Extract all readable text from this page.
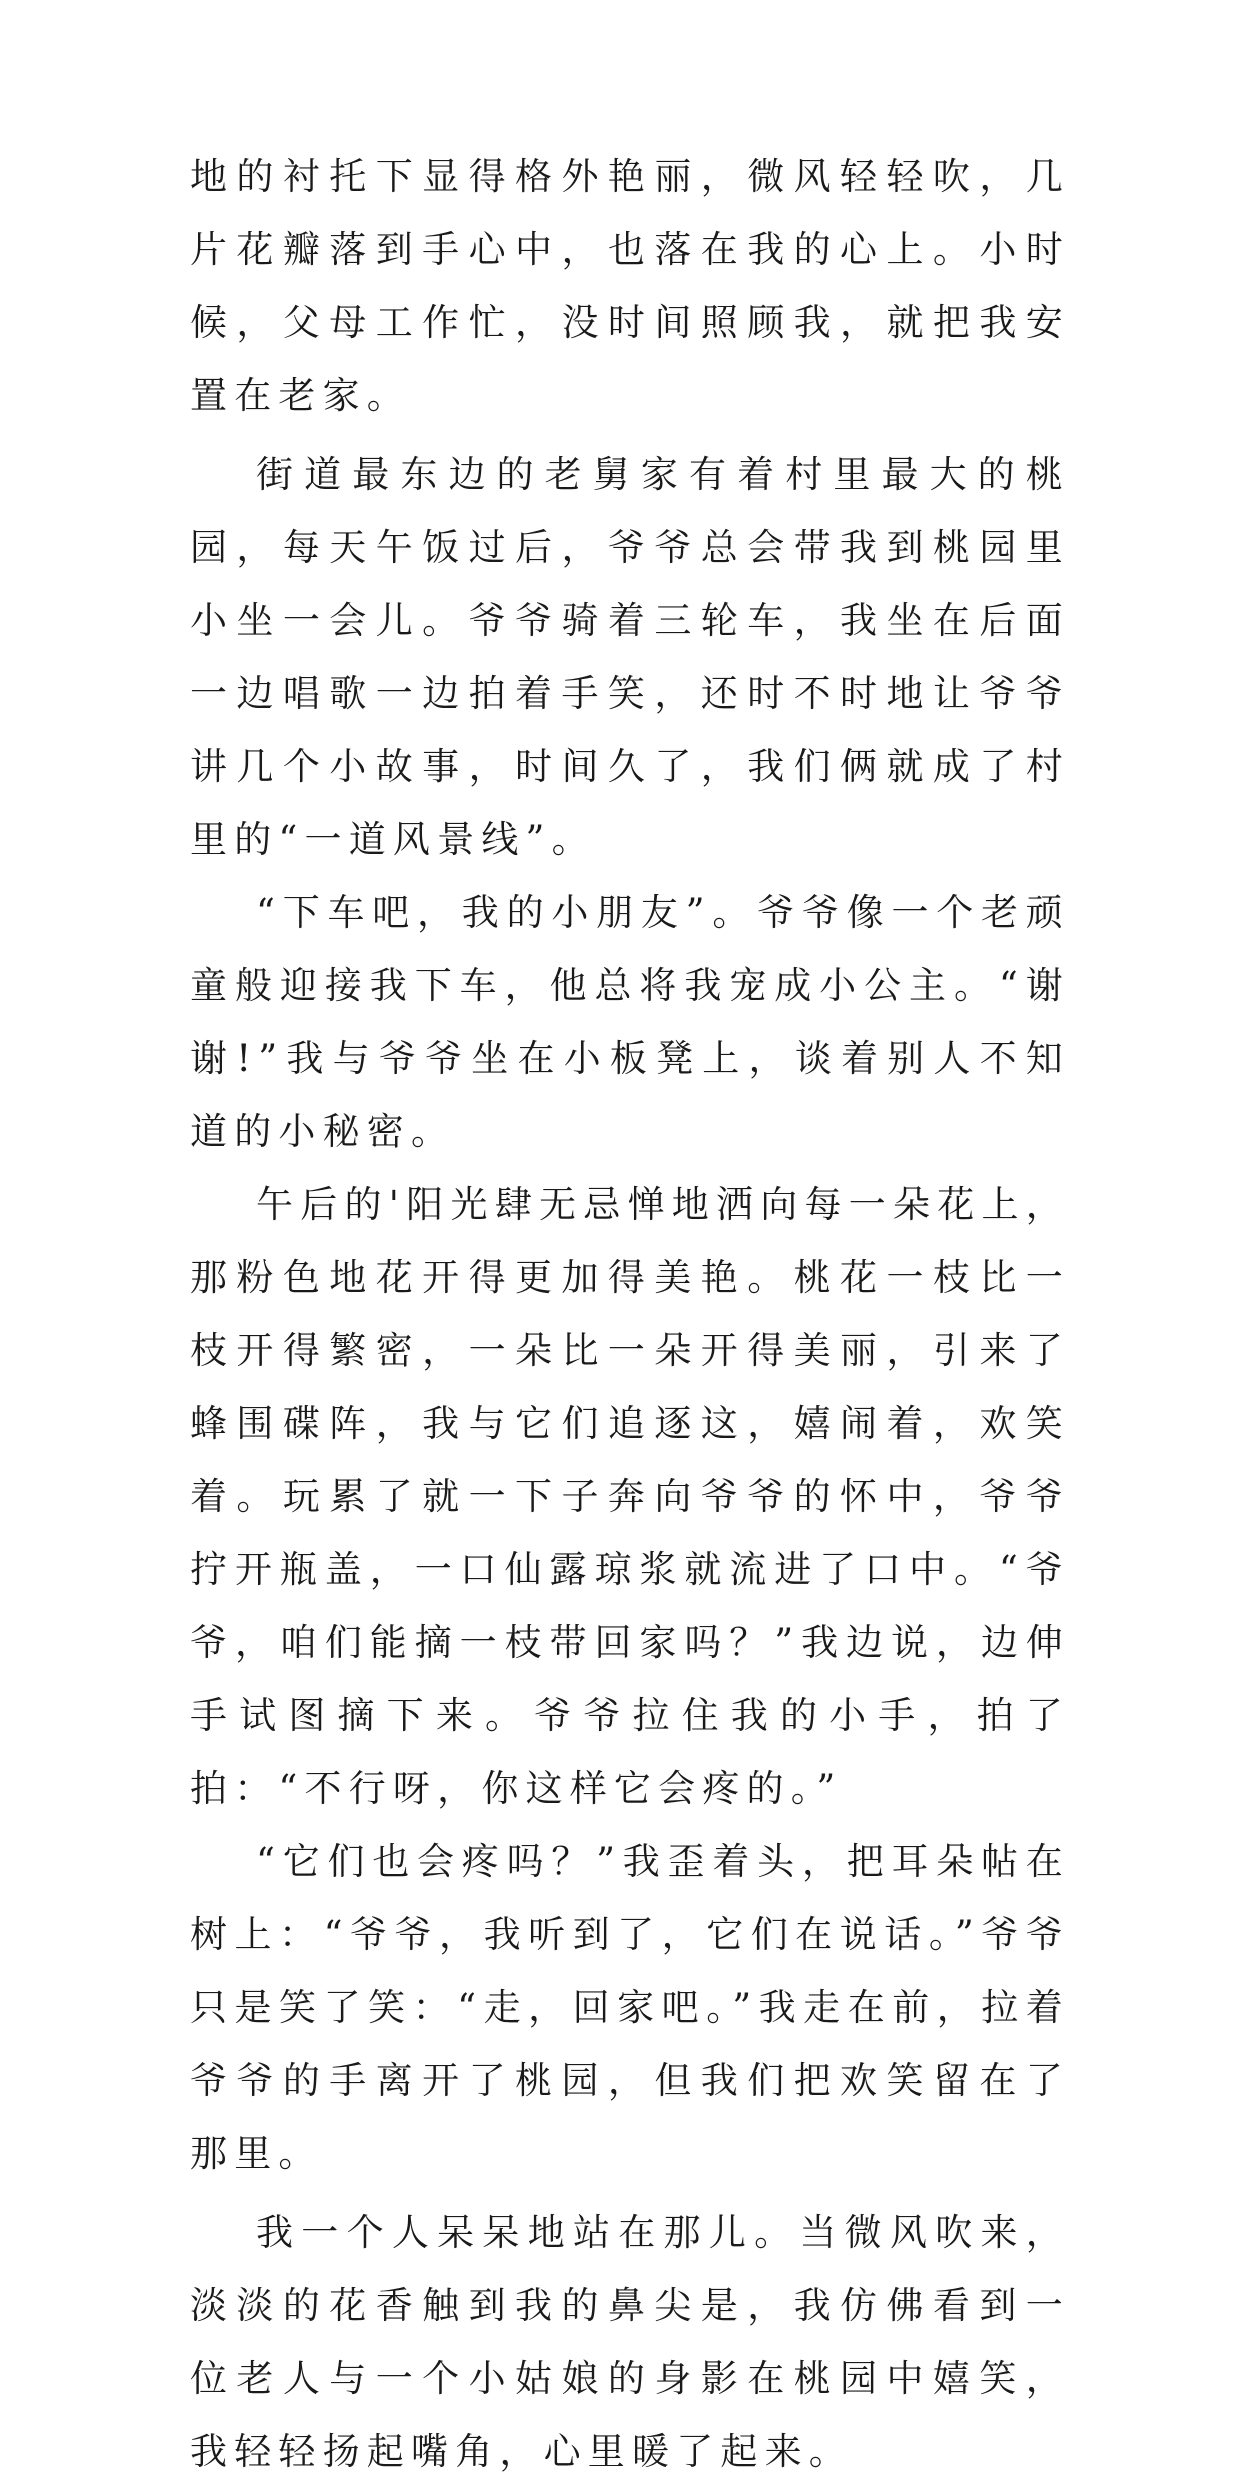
地的衬托下显得格外艳丽，微风轻轻吹，几片花瓣落到手心中，也落在我的心上。小时候，父母工作忙，没时间照顾我，就把我安置在老家。

街道最东边的老舅家有着村里最大的桃园，每天午饭过后，爷爷总会带我到桃园里小坐一会儿。爷爷骑着三轮车，我坐在后面一边唱歌一边拍着手笑，还时不时地让爷爷讲几个小故事，时间久了，我们俩就成了村里的“一道风景线”。

“下车吧，我的小朋友”。爷爷像一个老顽童般迎接我下车，他总将我宠成小公主。“谢谢!”我与爷爷坐在小板凳上，谈着别人不知道的小秘密。

午后的'阳光肆无忌惮地洒向每一朵花上，那粉色地花开得更加得美艳。桃花一枝比一枝开得繁密，一朵比一朵开得美丽，引来了蜂围碟阵，我与它们追逐这，嬉闹着，欢笑着。玩累了就一下子奔向爷爷的怀中，爷爷拧开瓶盖，一口仙露琼浆就流进了口中。“爷爷，咱们能摘一枝带回家吗？”我边说，边伸手试图摘下来。爷爷拉住我的小手，拍了拍：“不行呀，你这样它会疼的。”

“它们也会疼吗？”我歪着头，把耳朵帖在树上：“爷爷，我听到了，它们在说话。”爷爷只是笑了笑：“走，回家吧。”我走在前，拉着爷爷的手离开了桃园，但我们把欢笑留在了那里。

我一个人呆呆地站在那儿。当微风吹来，淡淡的花香触到我的鼻尖是，我仿佛看到一位老人与一个小姑娘的身影在桃园中嬉笑，我轻轻扬起嘴角，心里暖了起来。
